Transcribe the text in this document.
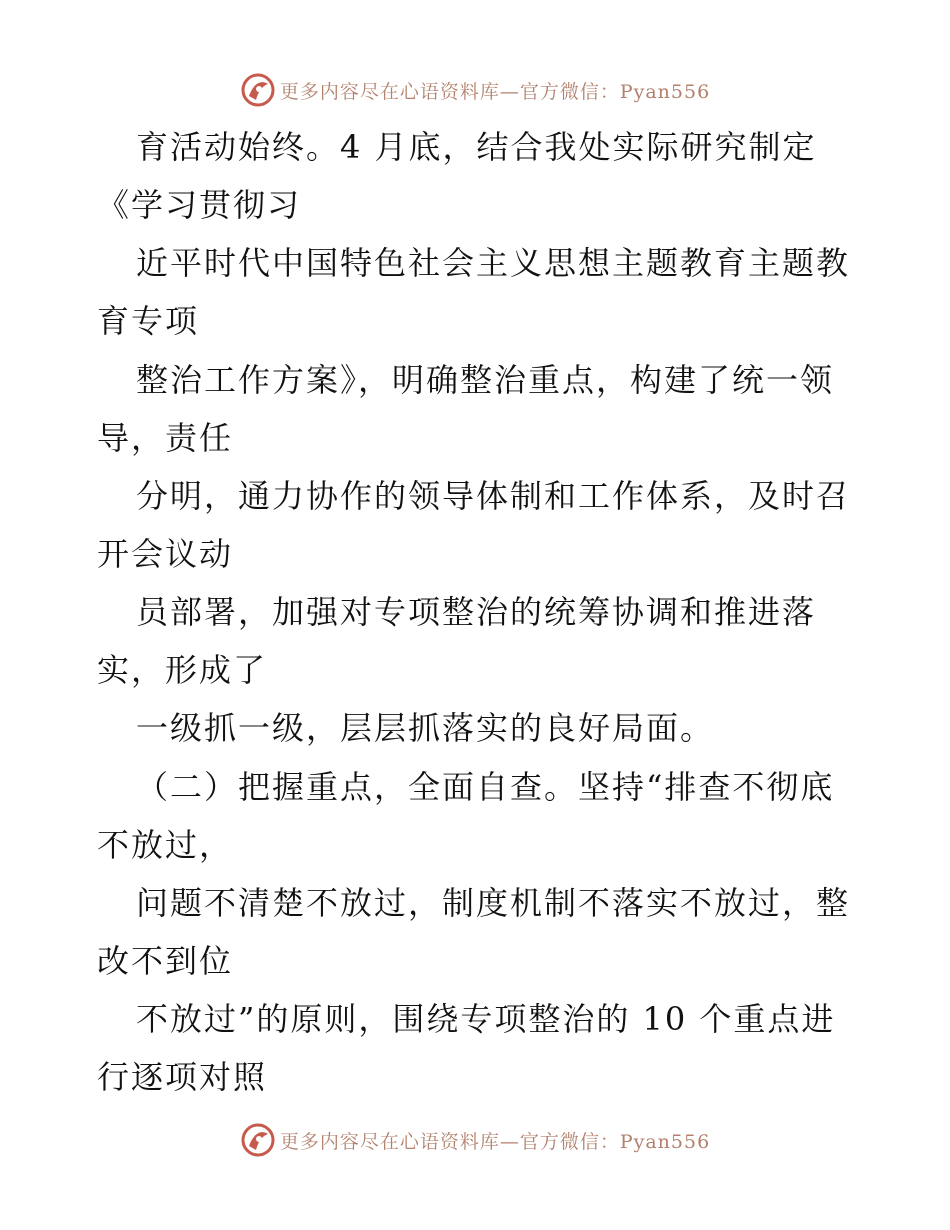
更多内容尽在心语资料库—官方微信：Pyan556
育活动始终。4 月底，结合我处实际研究制定
《学习贯彻习
近平时代中国特色社会主义思想主题教育主题教
育专项
整治工作方案》，明确整治重点，构建了统一领
导，责任
分明，通力协作的领导体制和工作体系，及时召
开会议动
员部署，加强对专项整治的统筹协调和推进落
实，形成了
一级抓一级，层层抓落实的良好局面。
（二）把握重点，全面自查。坚持“排查不彻底
不放过，
问题不清楚不放过，制度机制不落实不放过，整
改不到位
不放过”的原则，围绕专项整治的 10 个重点进
行逐项对照
更多内容尽在心语资料库—官方微信：Pyan556
